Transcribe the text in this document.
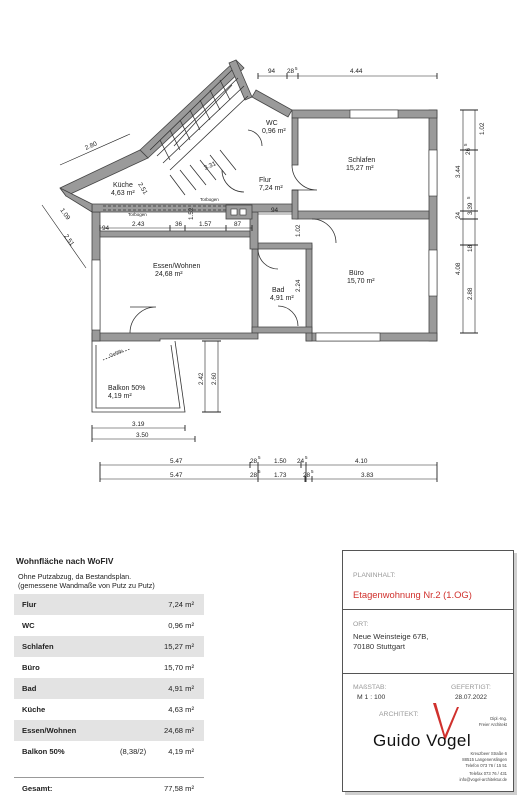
WC
0,96 m²
Flur
7,24 m²
Schlafen
15,27 m²
Küche
4,63 m²
Essen/Wohnen
24,68 m²
Bad
4,91 m²
Büro
15,70 m²
Balkon 50%
4,19 m²
Torbogen
Torbogen
Gefälle
94 28 5	4.44
2.80
3.31
2.51
1.09
2.51
2.43	36	1.57	87
94
1.02
2.24
1.52
94
1.02
26
5
3.44
24
3.39
5
18
4.08
2.88
2.42 2.60
3.19
3.50
5.47	28
5
1.50 24
5
4.10
5.47	28
5
1.73	28
5
3.83
Wohnfläche nach WoFlV
Ohne Putzabzug, da Bestandsplan.
(gemessene Wandmaße von Putz zu Putz)
Flur	7,24 m²
WC	0,96 m²
Schlafen	15,27 m²
Büro	15,70 m²
Bad	4,91 m²
Küche	4,63 m²
Essen/Wohnen	24,68 m²
Balkon 50%	(8,38/2)	4,19 m²
Gesamt:	77,58 m²
PLANINHALT:
Etagenwohnung Nr.2 (1.OG)
ORT:
Neue Weinsteige 67B,
70180 Stuttgart
MAßSTAB:
M 1 : 100
GEFERTIGT:
28.07.2022
ARCHITEKT:
Guido Vogel
Dipl.-Ing.
Freier Architekt
Kreuzbeer Straße 6
88515 Langenenslingen
Telefon 073 76 / 15 51
Telefax 073 76 / 431
info@vogel-architektur.de
